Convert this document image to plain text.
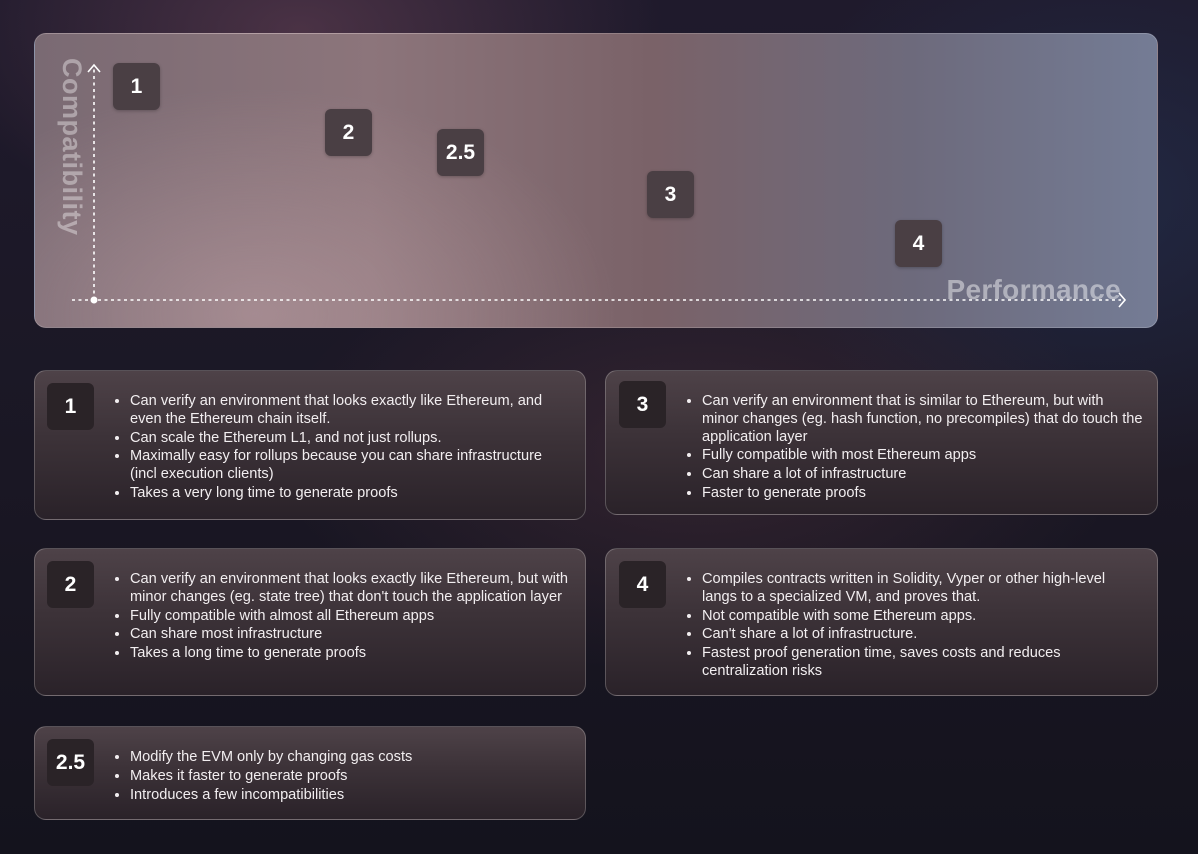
Compatibility
Performance
1
2
2.5
3
4
1	• Can verify an environment that looks exactly like Ethereum, and even the Ethereum chain itself.
• Can scale the Ethereum L1, and not just rollups.
• Maximally easy for rollups because you can share infrastructure (incl execution clients)
• Takes a very long time to generate proofs
3	• Can verify an environment that is similar to Ethereum, but with minor changes (eg. hash function, no precompiles) that do touch the application layer
• Fully compatible with most Ethereum apps
• Can share a lot of infrastructure
• Faster to generate proofs
2	• Can verify an environment that looks exactly like Ethereum, but with minor changes (eg. state tree) that don't touch the application layer
• Fully compatible with almost all Ethereum apps
• Can share most infrastructure
• Takes a long time to generate proofs
4	• Compiles contracts written in Solidity, Vyper or other high-level langs to a specialized VM, and proves that.
• Not compatible with some Ethereum apps.
• Can't share a lot of infrastructure.
• Fastest proof generation time, saves costs and reduces centralization risks
2.5	• Modify the EVM only by changing gas costs
• Makes it faster to generate proofs
• Introduces a few incompatibilities
